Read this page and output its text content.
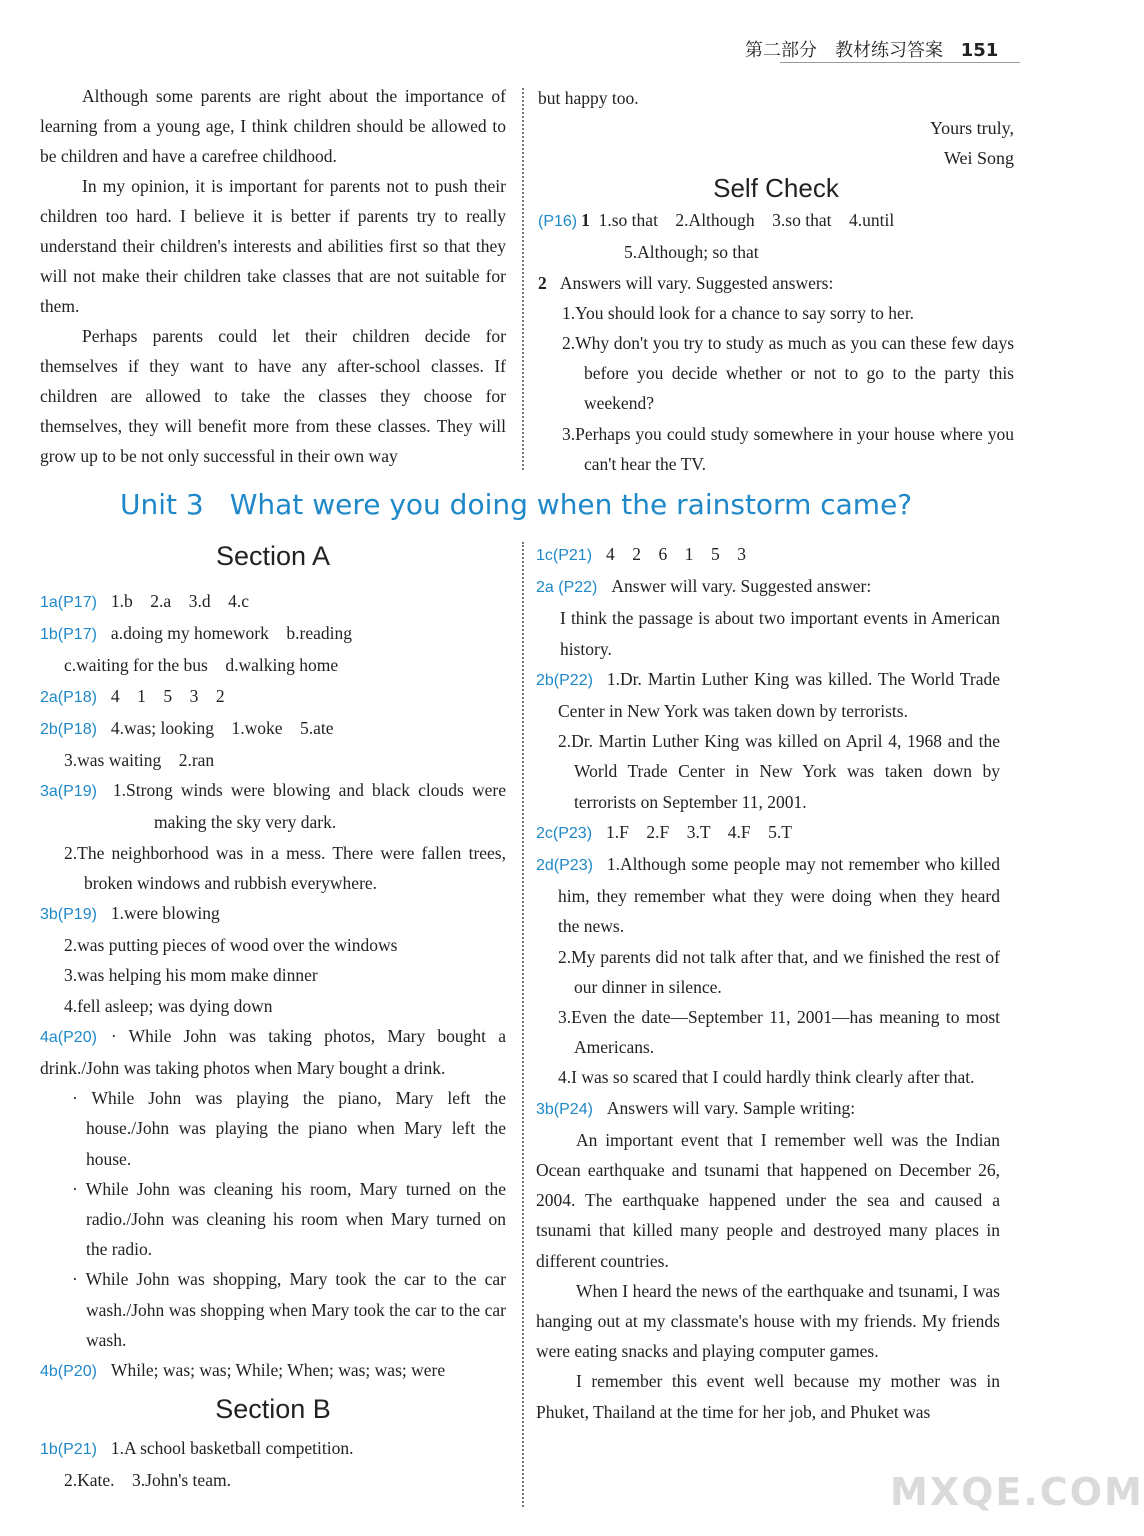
第二部分　教材练习答案 151

Although some parents are right about the importance of learning from a young age, I think children should be allowed to be children and have a carefree childhood.

In my opinion, it is important for parents not to push their children too hard. I believe it is better if parents try to really understand their children's interests and abilities first so that they will not make their children take classes that are not suitable for them.

Perhaps parents could let their children decide for themselves if they want to have any after-school classes. If children are allowed to take the classes they choose for themselves, they will benefit more from these classes. They will grow up to be not only successful in their own way

but happy too.

Yours truly,

Wei Song

Self Check

(P16) 1 1.so that　2.Although　3.so that　4.until

5.Although; so that

2 Answers will vary. Suggested answers:

1.You should look for a chance to say sorry to her.

2.Why don't you try to study as much as you can these few days before you decide whether or not to go to the party this weekend?

3.Perhaps you could study somewhere in your house where you can't hear the TV.

Unit 3 What were you doing when the rainstorm came?
Section A

1a(P17) 1.b　2.a　3.d　4.c

1b(P17) a.doing my homework　b.reading

c.waiting for the bus　d.walking home

2a(P18) 4　1　5　3　2

2b(P18) 4.was; looking　1.woke　5.ate

3.was waiting　2.ran

3a(P19) 1.Strong winds were blowing and black clouds were making the sky very dark.

2.The neighborhood was in a mess. There were fallen trees, broken windows and rubbish everywhere.

3b(P19) 1.were blowing

2.was putting pieces of wood over the windows

3.was helping his mom make dinner

4.fell asleep; was dying down

4a(P20) · While John was taking photos, Mary bought a drink./John was taking photos when Mary bought a drink.

· While John was playing the piano, Mary left the house./John was playing the piano when Mary left the house.

· While John was cleaning his room, Mary turned on the radio./John was cleaning his room when Mary turned on the radio.

· While John was shopping, Mary took the car to the car wash./John was shopping when Mary took the car to the car wash.

4b(P20) While; was; was; While; When; was; was; were

Section B

1b(P21) 1.A school basketball competition.

2.Kate.　3.John's team.

1c(P21) 4　2　6　1　5　3

2a (P22) Answer will vary. Suggested answer:

I think the passage is about two important events in American history.

2b(P22) 1.Dr. Martin Luther King was killed. The World Trade Center in New York was taken down by terrorists.

2.Dr. Martin Luther King was killed on April 4, 1968 and the World Trade Center in New York was taken down by terrorists on September 11, 2001.

2c(P23) 1.F　2.F　3.T　4.F　5.T

2d(P23) 1.Although some people may not remember who killed him, they remember what they were doing when they heard the news.

2.My parents did not talk after that, and we finished the rest of our dinner in silence.

3.Even the date—September 11, 2001—has meaning to most Americans.

4.I was so scared that I could hardly think clearly after that.

3b(P24) Answers will vary. Sample writing:

An important event that I remember well was the Indian Ocean earthquake and tsunami that happened on December 26, 2004. The earthquake happened under the sea and caused a tsunami that killed many people and destroyed many places in different countries.

When I heard the news of the earthquake and tsunami, I was hanging out at my classmate's house with my friends. My friends were eating snacks and playing computer games.

I remember this event well because my mother was in Phuket, Thailand at the time for her job, and Phuket was

MXQE.COM
